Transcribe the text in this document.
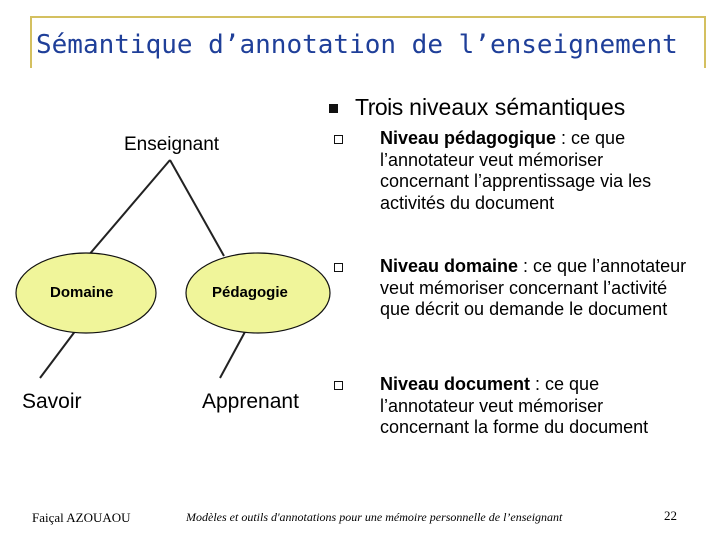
Sémantique d’annotation de l’enseignement
Enseignant
Domaine	Pédagogie
Savoir	Apprenant
Trois niveaux sémantiques
Niveau pédagogique : ce que l’annotateur veut mémoriser concernant l’apprentissage via les activités du document
Niveau domaine : ce que l’annotateur veut mémoriser concernant l’activité que décrit ou demande le document
Niveau document : ce que l’annotateur veut mémoriser concernant la forme du document
Faiçal AZOUAOU	Modèles et outils d'annotations pour une mémoire personnelle de l’enseignant	22
